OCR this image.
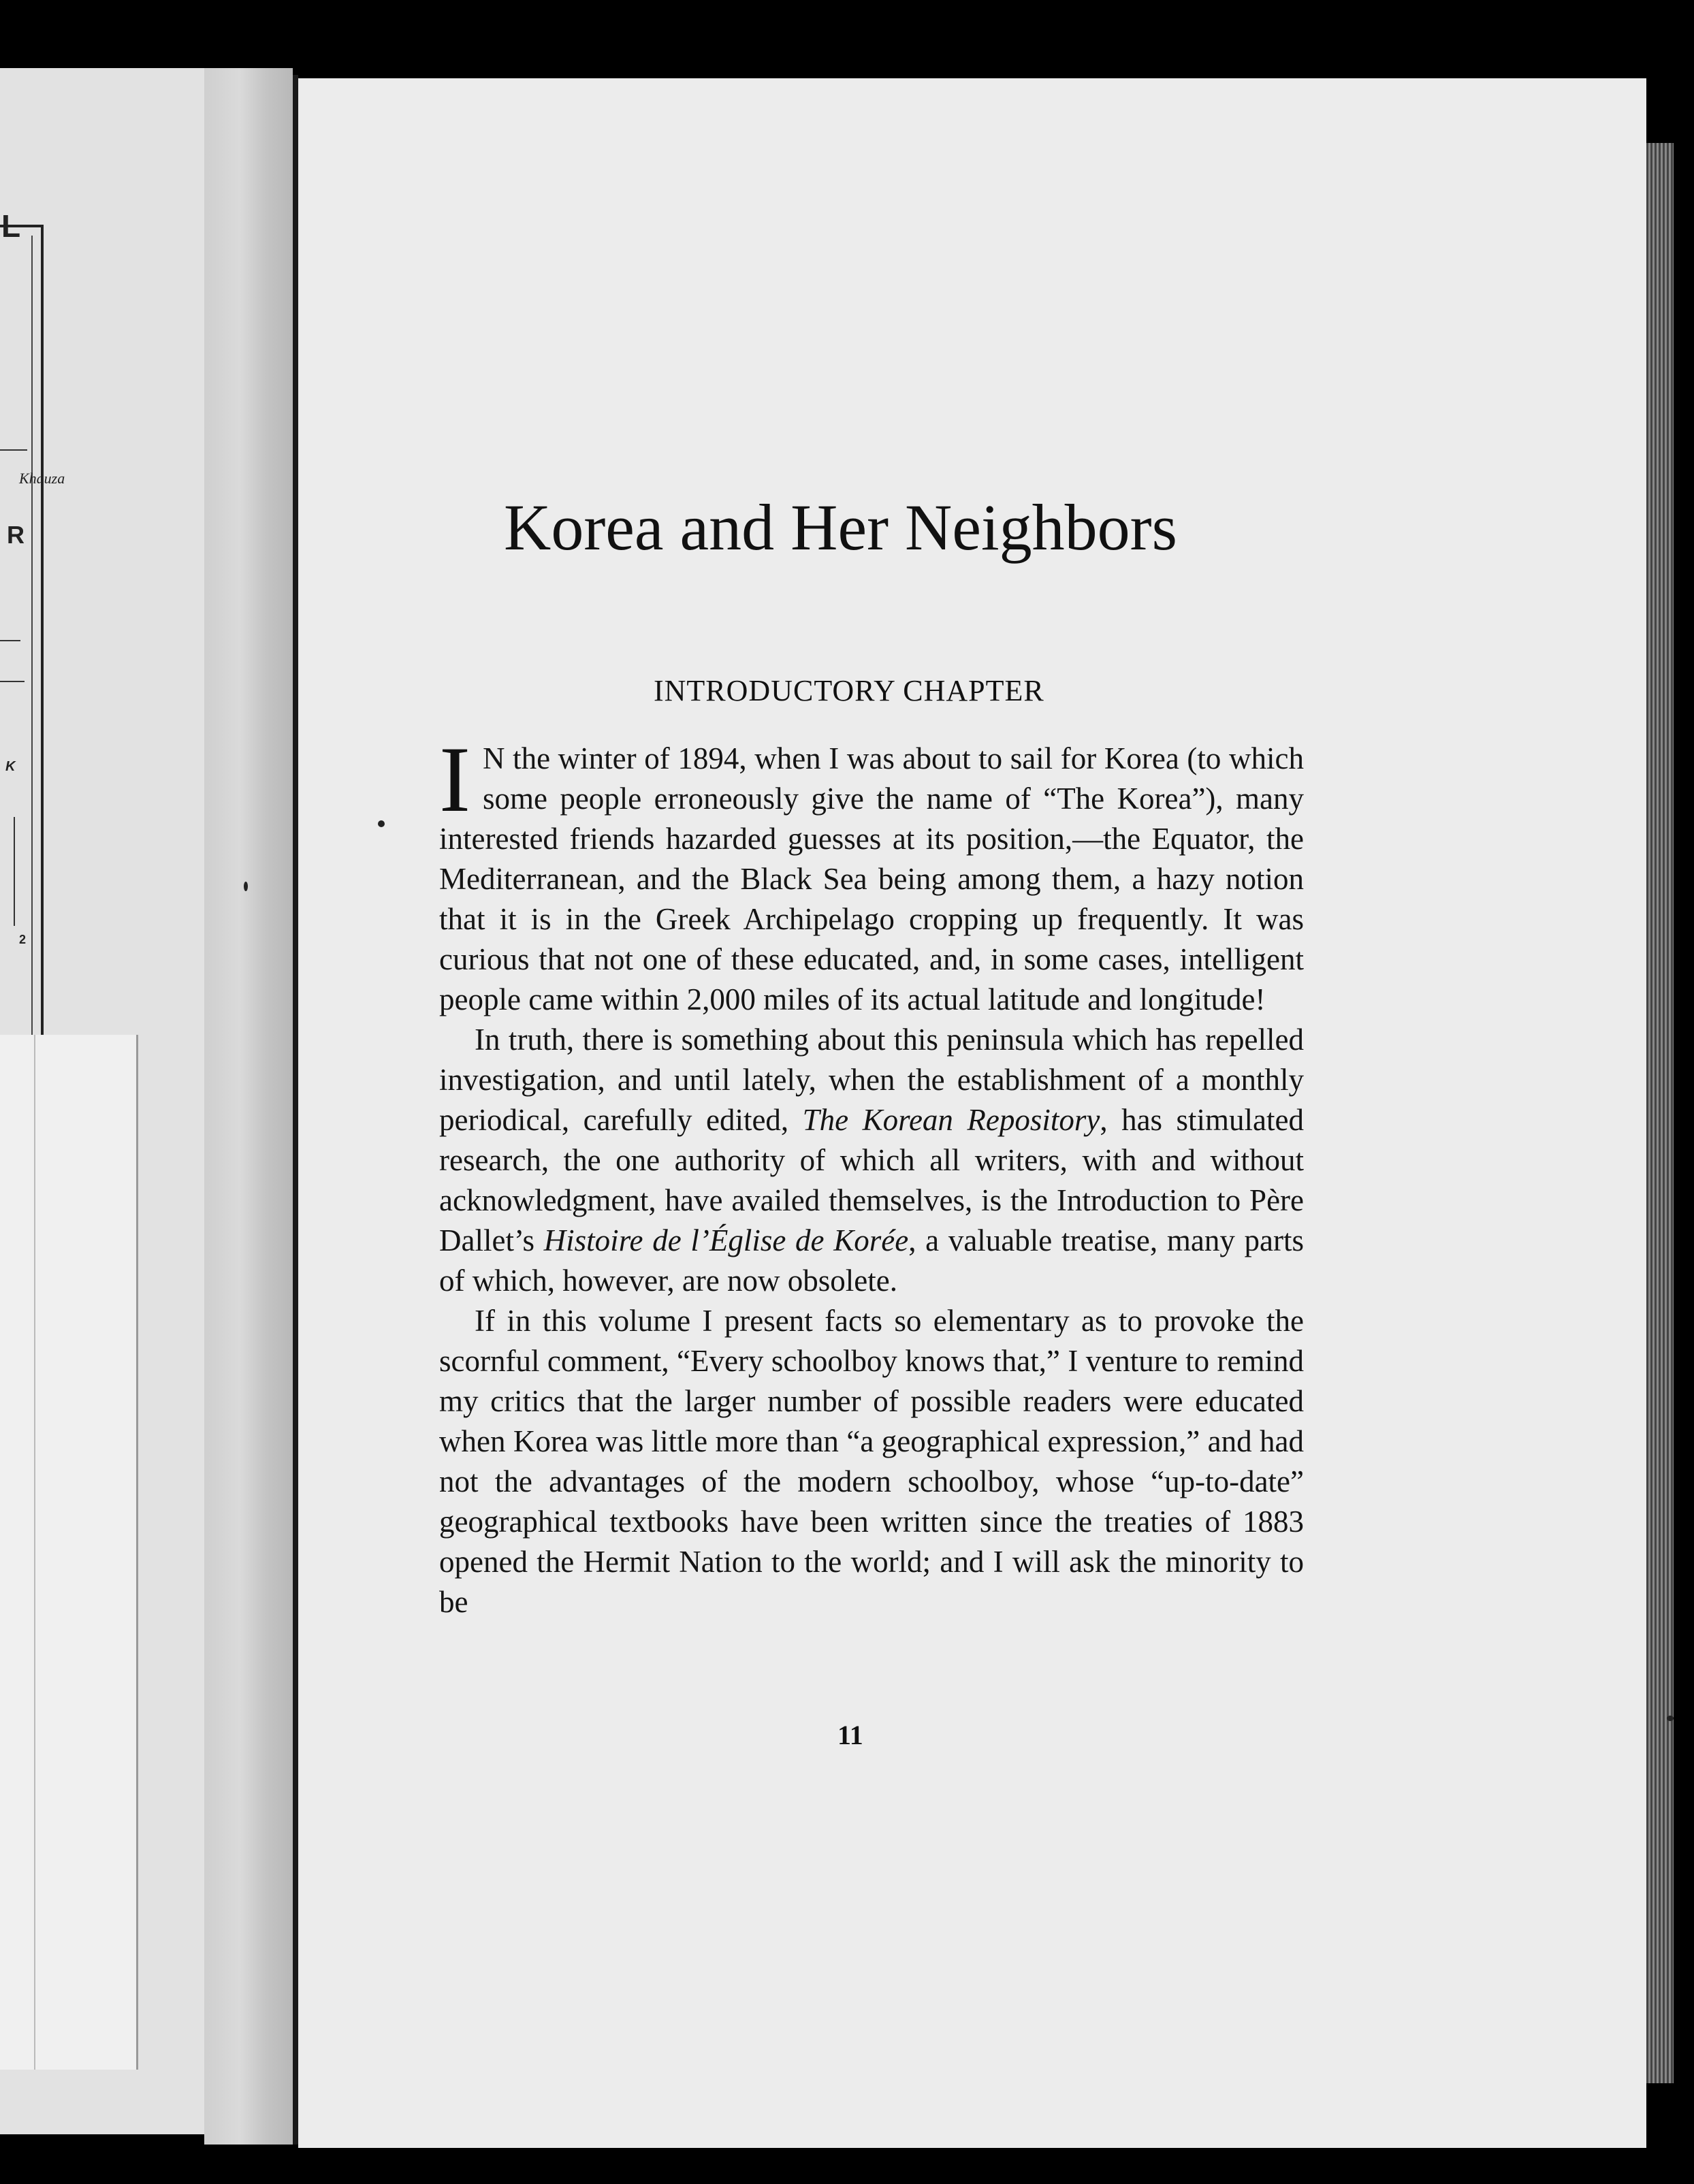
L
Khauza
R
K
2
Korea and Her Neighbors
INTRODUCTORY CHAPTER

I N the winter of 1894, when I was about to sail for Korea (to which some people erroneously give the name of “The Korea”), many interested friends hazarded guesses at its position,—the Equator, the Mediterranean, and the Black Sea being among them, a hazy notion that it is in the Greek Archipelago cropping up frequently. It was curious that not one of these educated, and, in some cases, intelligent people came within 2,000 miles of its actual latitude and longitude!

In truth, there is something about this peninsula which has repelled investigation, and until lately, when the establishment of a monthly periodical, carefully edited, The Korean Repository, has stimulated research, the one authority of which all writers, with and without acknowledgment, have availed themselves, is the Introduction to Père Dallet’s Histoire de l’Église de Korée, a valuable treatise, many parts of which, however, are now obsolete.

If in this volume I present facts so elementary as to provoke the scornful comment, “Every schoolboy knows that,” I venture to remind my critics that the larger number of possible readers were educated when Korea was little more than “a geographical expression,” and had not the advantages of the modern schoolboy, whose “up-to-date” geographical textbooks have been written since the treaties of 1883 opened the Hermit Nation to the world; and I will ask the minority to be

11
